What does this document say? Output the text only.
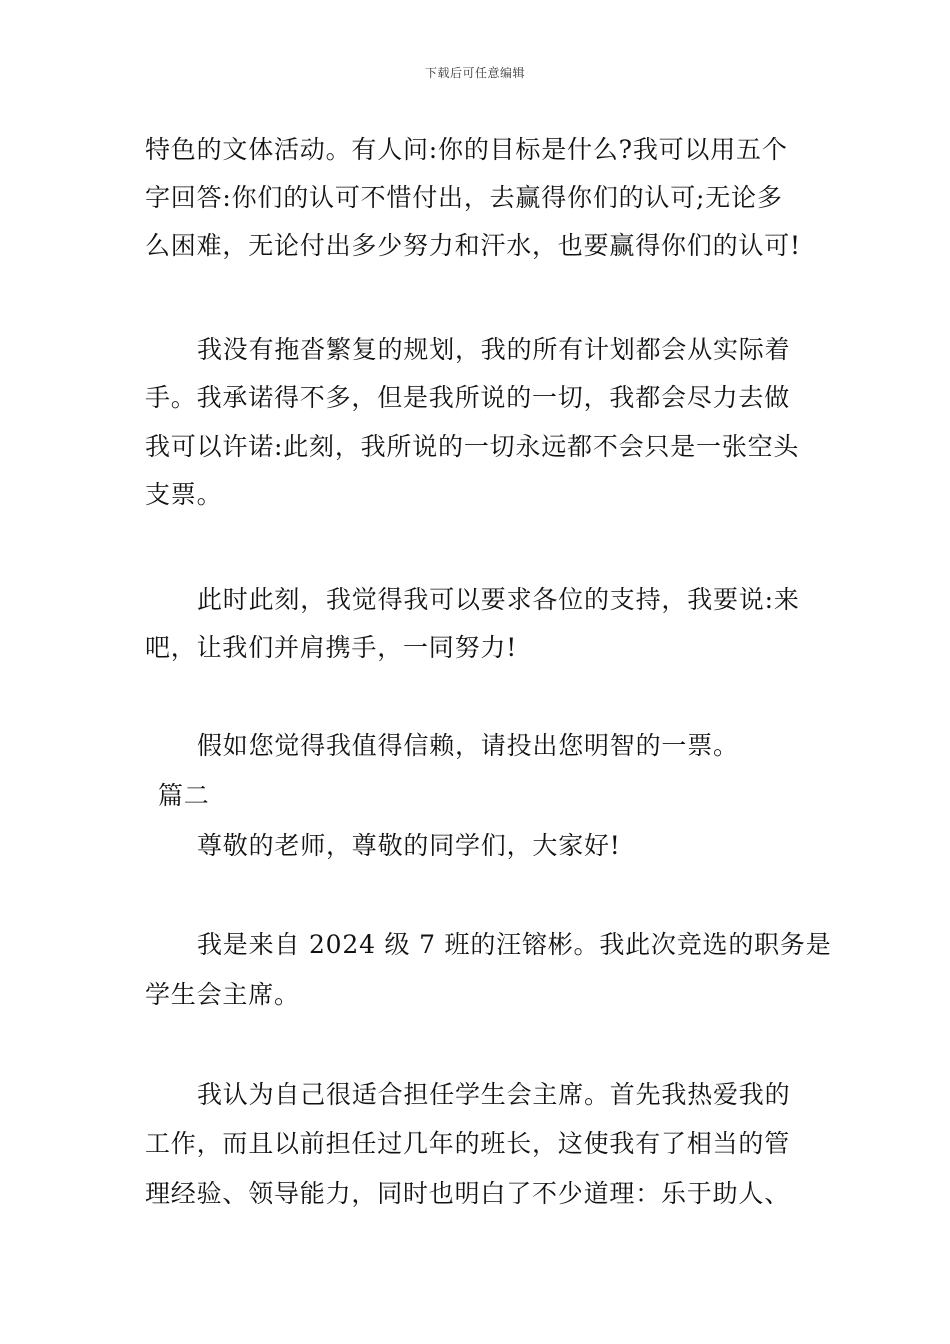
下载后可任意编辑
特色的文体活动。有人问:你的目标是什么?我可以用五个
字回答:你们的认可不惜付出，去赢得你们的认可;无论多
么困难，无论付出多少努力和汗水，也要赢得你们的认可!
我没有拖沓繁复的规划，我的所有计划都会从实际着
手。我承诺得不多，但是我所说的一切，我都会尽力去做
我可以许诺:此刻，我所说的一切永远都不会只是一张空头
支票。
此时此刻，我觉得我可以要求各位的支持，我要说:来
吧，让我们并肩携手，一同努力!
假如您觉得我值得信赖，请投出您明智的一票。
篇二
尊敬的老师，尊敬的同学们，大家好!
我是来自 2024 级 7 班的汪镕彬。我此次竞选的职务是
学生会主席。
我认为自己很适合担任学生会主席。首先我热爱我的
工作，而且以前担任过几年的班长，这使我有了相当的管
理经验、领导能力，同时也明白了不少道理：乐于助人、
